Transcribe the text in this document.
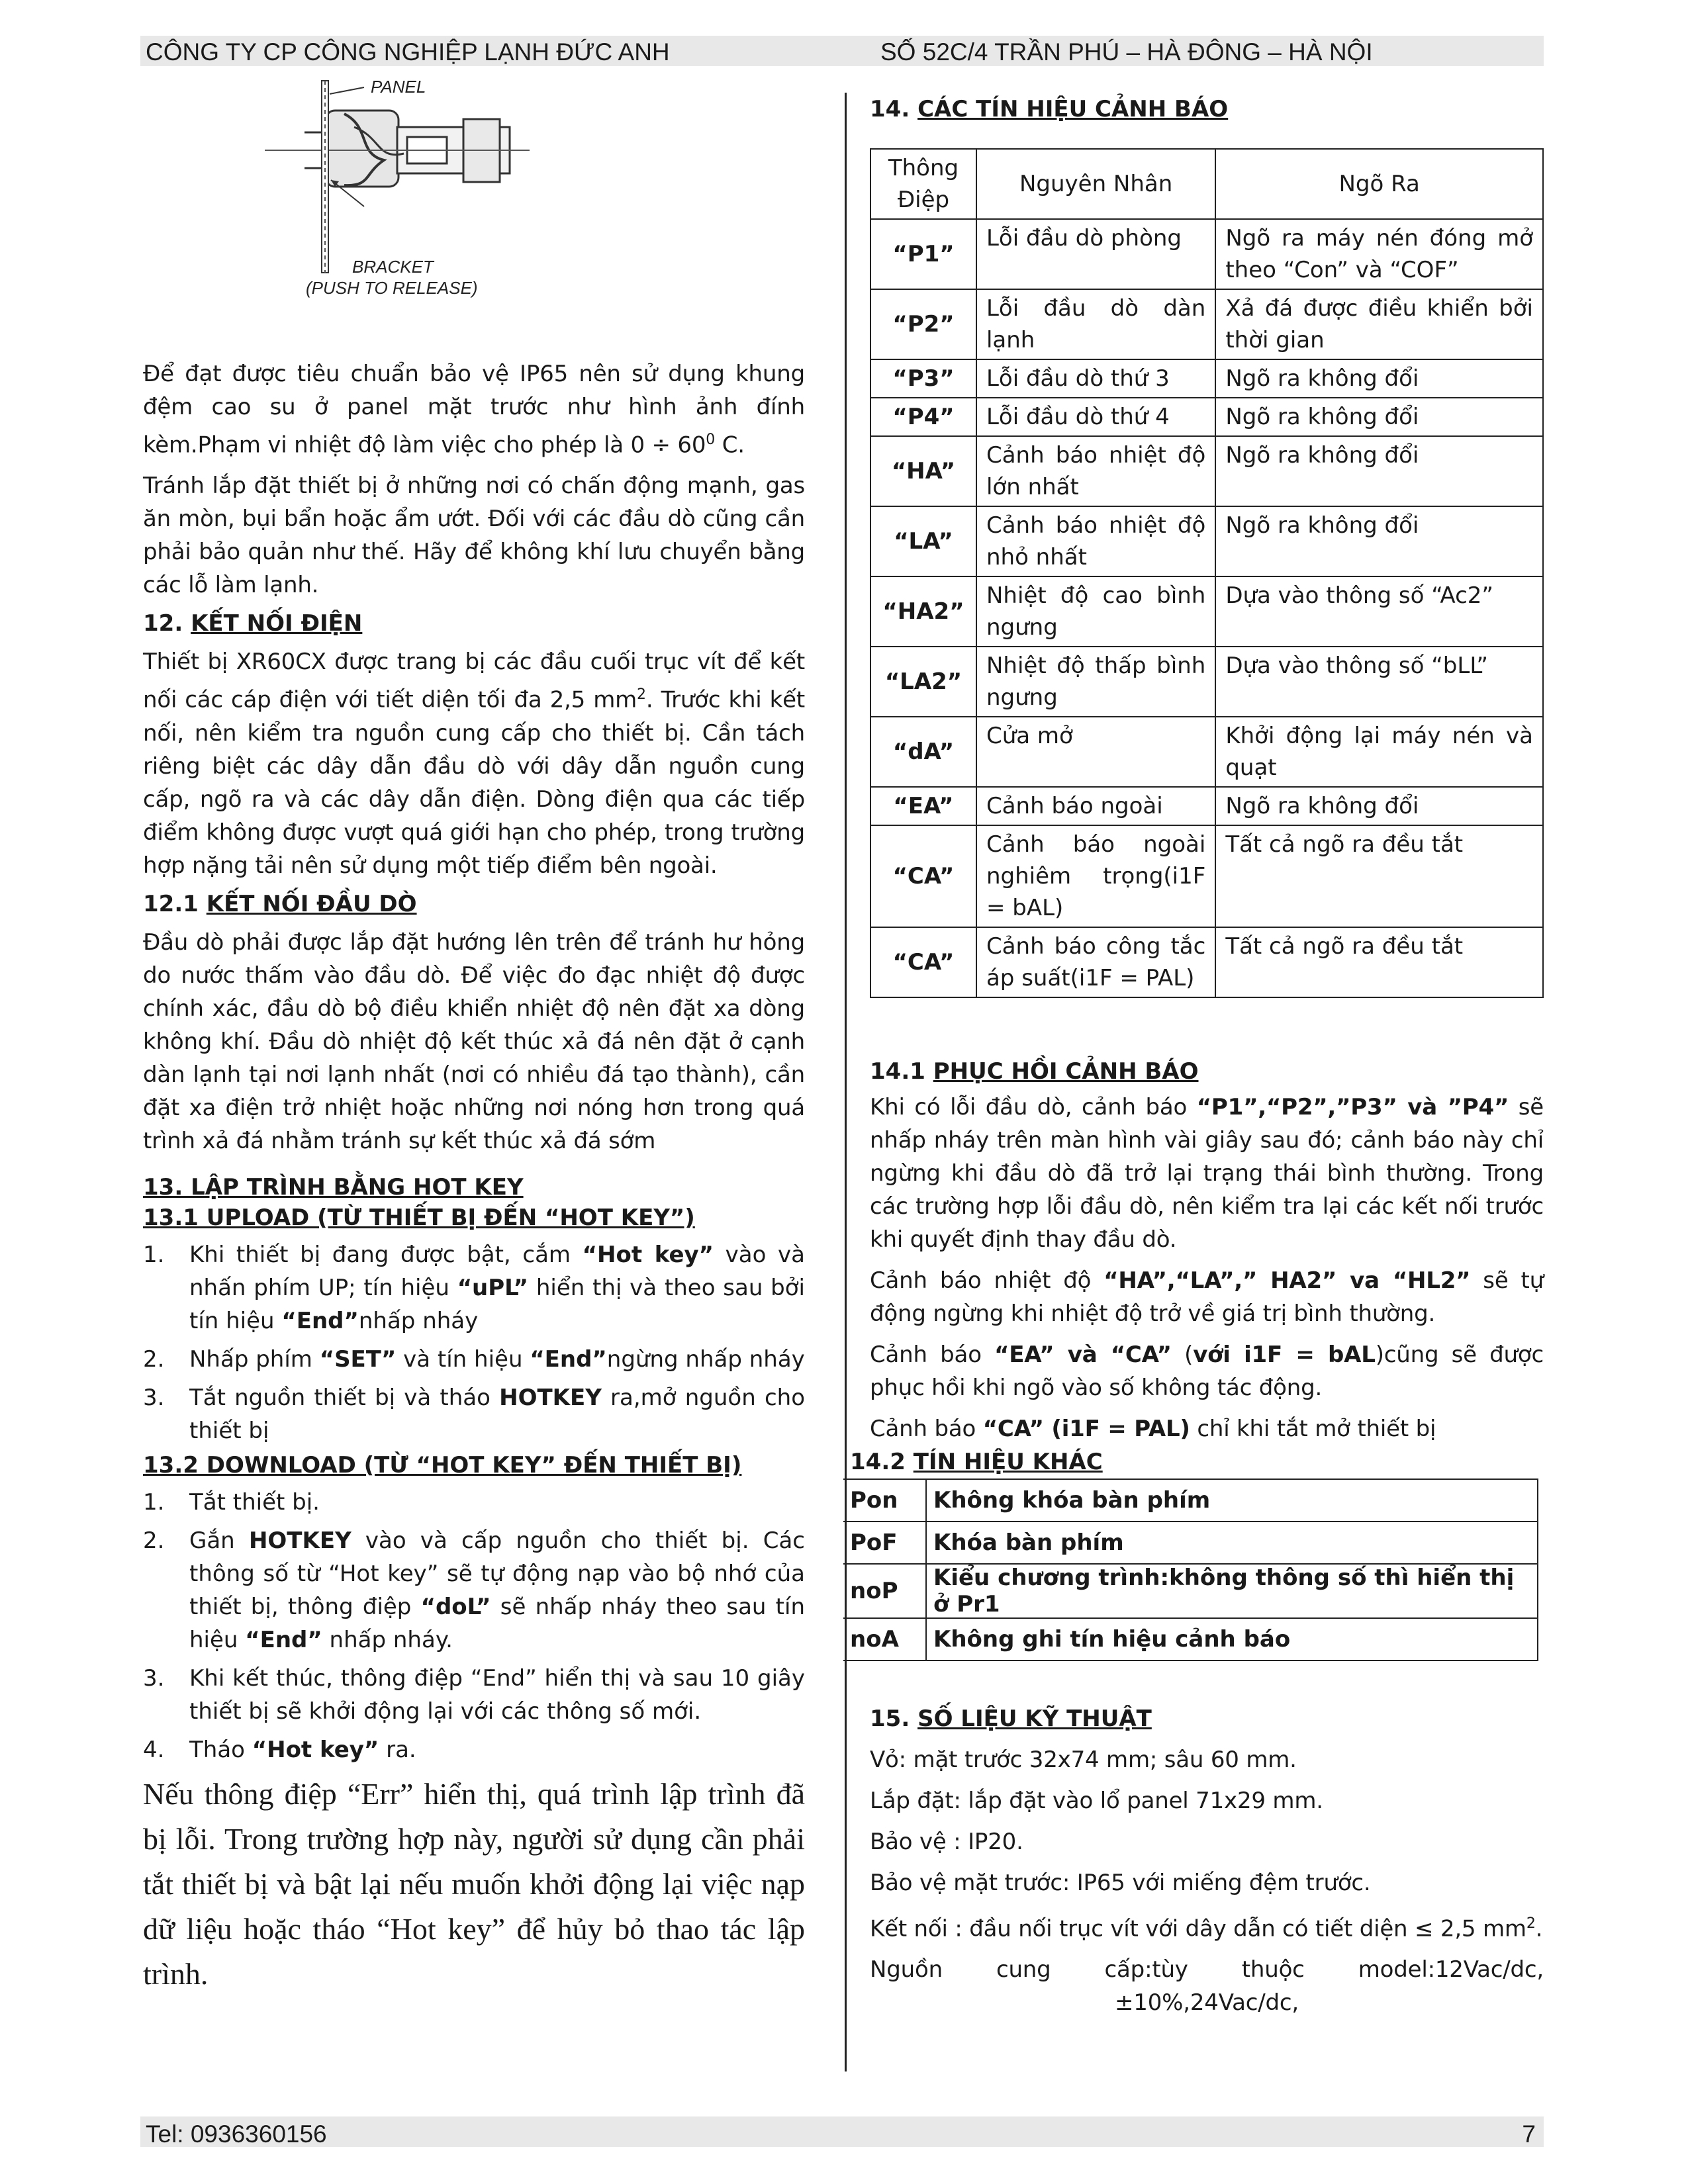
CÔNG TY CP CÔNG NGHIỆP LẠNH ĐỨC ANH	SỐ 52C/4 TRẦN PHÚ – HÀ ĐÔNG – HÀ NỘI
PANEL
BRACKET
(PUSH TO RELEASE)

Để đạt được tiêu chuẩn bảo vệ IP65 nên sử dụng khung đệm cao su ở panel mặt trước như hình ảnh đính kèm.Phạm vi nhiệt độ làm việc cho phép là $0 \div 60^0$ C.

Tránh lắp đặt thiết bị ở những nơi có chấn động mạnh, gas ăn mòn, bụi bẩn hoặc ẩm ướt. Đối với các đầu dò cũng cần phải bảo quản như thế. Hãy để không khí lưu chuyển bằng các lỗ làm lạnh.

12. KẾT NỐI ĐIỆN

Thiết bị XR60CX được trang bị các đầu cuối trục vít để kết nối các cáp điện với tiết diện tối đa 2,5 $mm^2$. Trước khi kết nối, nên kiểm tra nguồn cung cấp cho thiết bị. Cần tách riêng biệt các dây dẫn đầu dò với dây dẫn nguồn cung cấp, ngõ ra và các dây dẫn điện. Dòng điện qua các tiếp điểm không được vượt quá giới hạn cho phép, trong trường hợp nặng tải nên sử dụng một tiếp điểm bên ngoài.

12.1 KẾT NỐI ĐẦU DÒ

Đầu dò phải được lắp đặt hướng lên trên để tránh hư hỏng do nước thấm vào đầu dò. Để việc đo đạc nhiệt độ được chính xác, đầu dò bộ điều khiển nhiệt độ nên đặt xa dòng không khí. Đầu dò nhiệt độ kết thúc xả đá nên đặt ở cạnh dàn lạnh tại nơi lạnh nhất (nơi có nhiều đá tạo thành), cần đặt xa điện trở nhiệt hoặc những nơi nóng hơn trong quá trình xả đá nhằm tránh sự kết thúc xả đá sớm

13. LẬP TRÌNH BẰNG HOT KEY

13.1 UPLOAD (TỪ THIẾT BỊ ĐẾN “HOT KEY”)

1. Khi thiết bị đang được bật, cắm “Hot key” vào và nhấn phím UP; tín hiệu “uPL” hiển thị và theo sau bởi tín hiệu “End”nhấp nháy

2. Nhấp phím “SET” và tín hiệu “End”ngừng nhấp nháy

3. Tắt nguồn thiết bị và tháo HOTKEY ra,mở nguồn cho thiết bị

13.2 DOWNLOAD (TỪ “HOT KEY” ĐẾN THIẾT BỊ)

1. Tắt thiết bị.

2. Gắn HOTKEY vào và cấp nguồn cho thiết bị. Các thông số từ “Hot key” sẽ tự động nạp vào bộ nhớ của thiết bị, thông điệp “doL” sẽ nhấp nháy theo sau tín hiệu “End” nhấp nháy.

3. Khi kết thúc, thông điệp “End” hiển thị và sau 10 giây thiết bị sẽ khởi động lại với các thông số mới.

4. Tháo “Hot key” ra.

Nếu thông điệp “Err” hiển thị, quá trình lập trình đã bị lỗi. Trong trường hợp này, người sử dụng cần phải tắt thiết bị và bật lại nếu muốn khởi động lại việc nạp dữ liệu hoặc tháo “Hot key” để hủy bỏ thao tác lập trình.

14. CÁC TÍN HIỆU CẢNH BÁO

Thông Điệp	Nguyên Nhân	Ngõ Ra
“P1”	Lỗi đầu dò phòng	Ngõ ra máy nén đóng mở theo “Con” và “COF”
“P2”	Lỗi đầu dò dàn lạnh	Xả đá được điều khiển bởi thời gian
“P3”	Lỗi đầu dò thứ 3	Ngõ ra không đổi
“P4”	Lỗi đầu dò thứ 4	Ngõ ra không đổi
“HA”	Cảnh báo nhiệt độ lớn nhất	Ngõ ra không đổi
“LA”	Cảnh báo nhiệt độ nhỏ nhất	Ngõ ra không đổi
“HA2”	Nhiệt độ cao bình ngưng	Dựa vào thông số “Ac2”
“LA2”	Nhiệt độ thấp bình ngưng	Dựa vào thông số “bLL”
“dA”	Cửa mở	Khởi động lại máy nén và quạt
“EA”	Cảnh báo ngoài	Ngõ ra không đổi
“CA”	Cảnh báo ngoài nghiêm trọng(i1F = bAL)	Tất cả ngõ ra đều tắt
“CA”	Cảnh báo công tắc áp suất(i1F = PAL)	Tất cả ngõ ra đều tắt

14.1 PHỤC HỒI CẢNH BÁO

Khi có lỗi đầu dò, cảnh báo “P1”,“P2”,”P3” và ”P4” sẽ nhấp nháy trên màn hình vài giây sau đó; cảnh báo này chỉ ngừng khi đầu dò đã trở lại trạng thái bình thường. Trong các trường hợp lỗi đầu dò, nên kiểm tra lại các kết nối trước khi quyết định thay đầu dò.

Cảnh báo nhiệt độ “HA”,“LA”,” HA2” va “HL2” sẽ tự động ngừng khi nhiệt độ trở về giá trị bình thường.

Cảnh báo “EA” và “CA” (với i1F = bAL)cũng sẽ được phục hồi khi ngõ vào số không tác động.

Cảnh báo “CA” (i1F = PAL) chỉ khi tắt mở thiết bị

14.2 TÍN HIỆU KHÁC

Pon	Không khóa bàn phím
PoF	Khóa bàn phím
noP	Kiểu chương trình:không thông số thì hiển thị ở Pr1
noA	Không ghi tín hiệu cảnh báo

15. SỐ LIỆU KỸ THUẬT

Vỏ: mặt trước 32x74 mm; sâu 60 mm.

Lắp đặt: lắp đặt vào lổ panel 71x29 mm.

Bảo vệ : IP20.

Bảo vệ mặt trước: IP65 với miếng đệm trước.

Kết nối : đầu nối trục vít với dây dẫn có tiết diện ≤ 2,5 $mm^2$.

Nguồn cung cấp:tùy thuộc model:12Vac/dc, ±10%,24Vac/dc,

Tel: 0936360156	7
